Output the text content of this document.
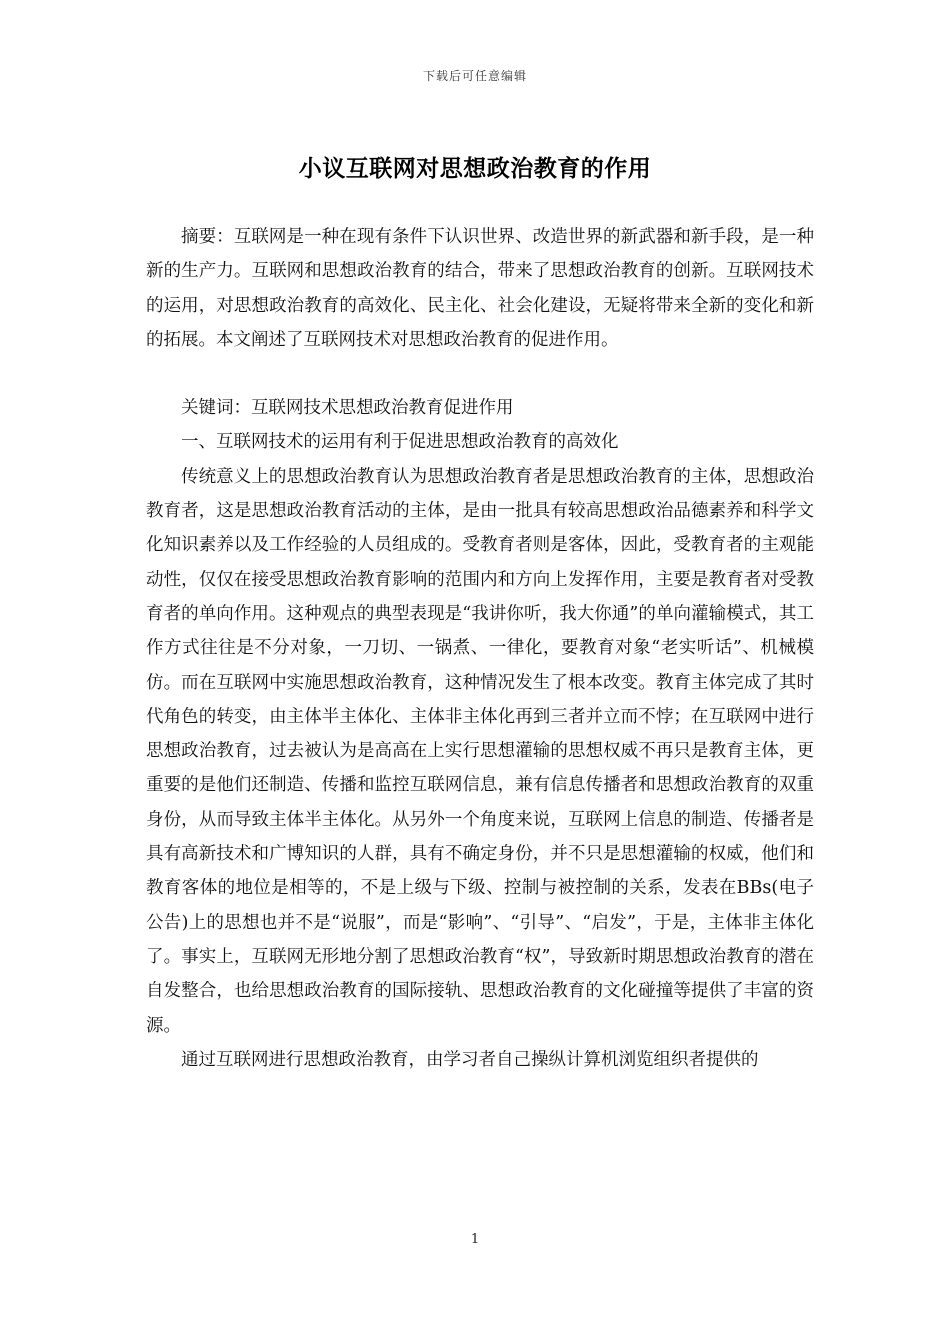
下载后可任意编辑
小议互联网对思想政治教育的作用

摘要：互联网是一种在现有条件下认识世界、改造世界的新武器和新手段，是一种新的生产力。互联网和思想政治教育的结合，带来了思想政治教育的创新。互联网技术的运用，对思想政治教育的高效化、民主化、社会化建设，无疑将带来全新的变化和新的拓展。本文阐述了互联网技术对思想政治教育的促进作用。

关键词：互联网技术思想政治教育促进作用

一、互联网技术的运用有利于促进思想政治教育的高效化

传统意义上的思想政治教育认为思想政治教育者是思想政治教育的主体，思想政治教育者，这是思想政治教育活动的主体，是由一批具有较高思想政治品德素养和科学文化知识素养以及工作经验的人员组成的。受教育者则是客体，因此，受教育者的主观能动性，仅仅在接受思想政治教育影响的范围内和方向上发挥作用，主要是教育者对受教育者的单向作用。这种观点的典型表现是“我讲你听，我大你通”的单向灌输模式，其工作方式往往是不分对象，一刀切、一锅煮、一律化，要教育对象“老实听话”、机械模仿。而在互联网中实施思想政治教育，这种情况发生了根本改变。教育主体完成了其时代角色的转变，由主体半主体化、主体非主体化再到三者并立而不悖；在互联网中进行思想政治教育，过去被认为是高高在上实行思想灌输的思想权威不再只是教育主体，更重要的是他们还制造、传播和监控互联网信息，兼有信息传播者和思想政治教育的双重身份，从而导致主体半主体化。从另外一个角度来说，互联网上信息的制造、传播者是具有高新技术和广博知识的人群，具有不确定身份，并不只是思想灌输的权威，他们和教育客体的地位是相等的，不是上级与下级、控制与被控制的关系，发表在BBs(电子公告)上的思想也并不是“说服”，而是“影响”、“引导”、“启发”，于是，主体非主体化了。事实上，互联网无形地分割了思想政治教育“权”，导致新时期思想政治教育的潜在自发整合，也给思想政治教育的国际接轨、思想政治教育的文化碰撞等提供了丰富的资源。

通过互联网进行思想政治教育，由学习者自己操纵计算机浏览组织者提供的

1
